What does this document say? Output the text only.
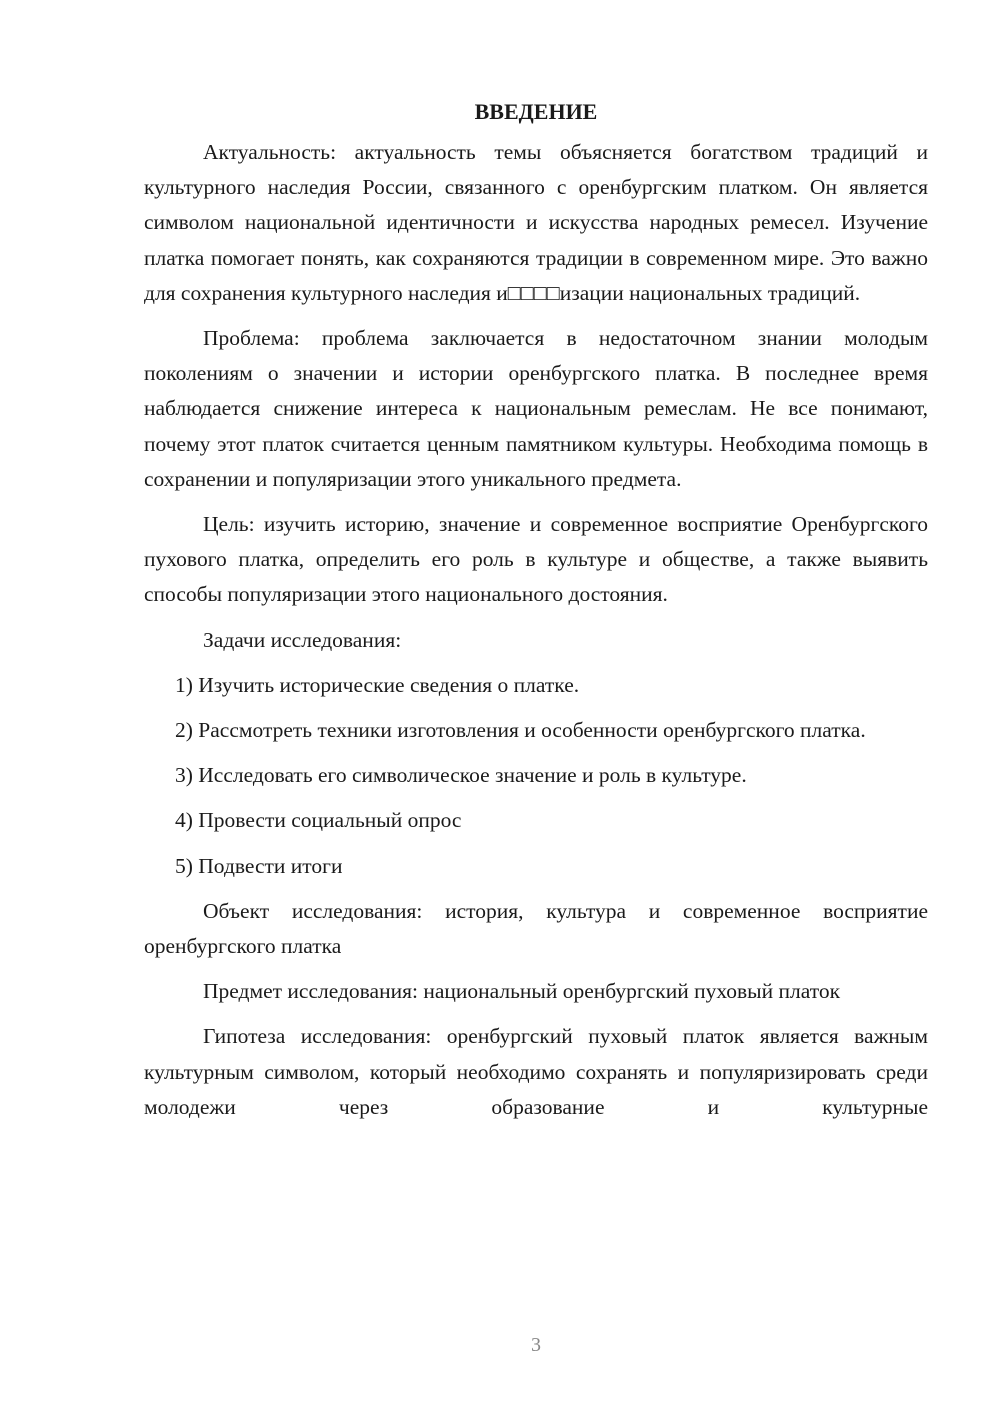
ВВЕДЕНИЕ

Актуальность: актуальность темы объясняется богатством традиций и культурного наследия России, связанного с оренбургским платком. Он является символом национальной идентичности и искусства народных ремесел. Изучение платка помогает понять, как сохраняются традиции в современном мире. Это важно для сохранения культурного наследия и□□□□изации национальных традиций.

Проблема: проблема заключается в недостаточном знании молодым поколениям о значении и истории оренбургского платка. В последнее время наблюдается снижение интереса к национальным ремеслам. Не все понимают, почему этот платок считается ценным памятником культуры. Необходима помощь в сохранении и популяризации этого уникального предмета.

Цель: изучить историю, значение и современное восприятие Оренбургского пухового платка, определить его роль в культуре и обществе, а также выявить способы популяризации этого национального достояния.

Задачи исследования:

1) Изучить исторические сведения о платке.

2) Рассмотреть техники изготовления и особенности оренбургского платка.

3) Исследовать его символическое значение и роль в культуре.

4) Провести социальный опрос

5) Подвести итоги

Объект исследования: история, культура и современное восприятие оренбургского платка

Предмет исследования: национальный оренбургский пуховый платок

Гипотеза исследования: оренбургский пуховый платок является важным культурным символом, который необходимо сохранять и популяризировать среди молодежи через образование и культурные

3
